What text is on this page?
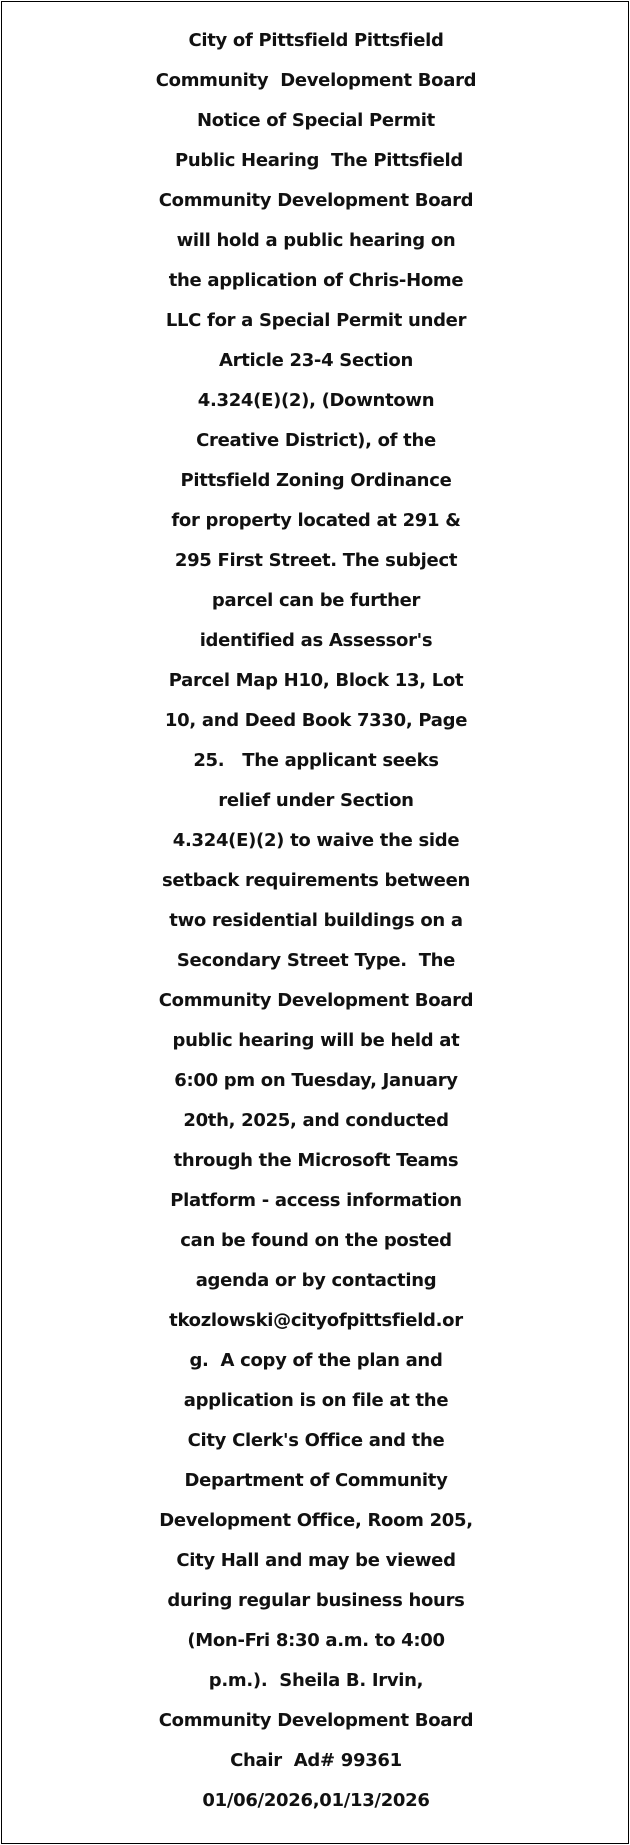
City of Pittsfield Pittsfield
Community  Development Board
Notice of Special Permit
Public Hearing  The Pittsfield
Community Development Board
will hold a public hearing on
the application of Chris-Home
LLC for a Special Permit under
Article 23-4 Section
4.324(E)(2), (Downtown
Creative District), of the
Pittsfield Zoning Ordinance
for property located at 291 &
295 First Street. The subject
parcel can be further
identified as Assessor's
Parcel Map H10, Block 13, Lot
10, and Deed Book 7330, Page
25.   The applicant seeks
relief under Section
4.324(E)(2) to waive the side
setback requirements between
two residential buildings on a
Secondary Street Type.  The
Community Development Board
public hearing will be held at
6:00 pm on Tuesday, January
20th, 2025, and conducted
through the Microsoft Teams
Platform - access information
can be found on the posted
agenda or by contacting
tkozlowski@cityofpittsfield.or
g.  A copy of the plan and
application is on file at the
City Clerk's Office and the
Department of Community
Development Office, Room 205,
City Hall and may be viewed
during regular business hours
(Mon-Fri 8:30 a.m. to 4:00
p.m.).  Sheila B. Irvin,
Community Development Board
Chair  Ad# 99361
01/06/2026,01/13/2026
